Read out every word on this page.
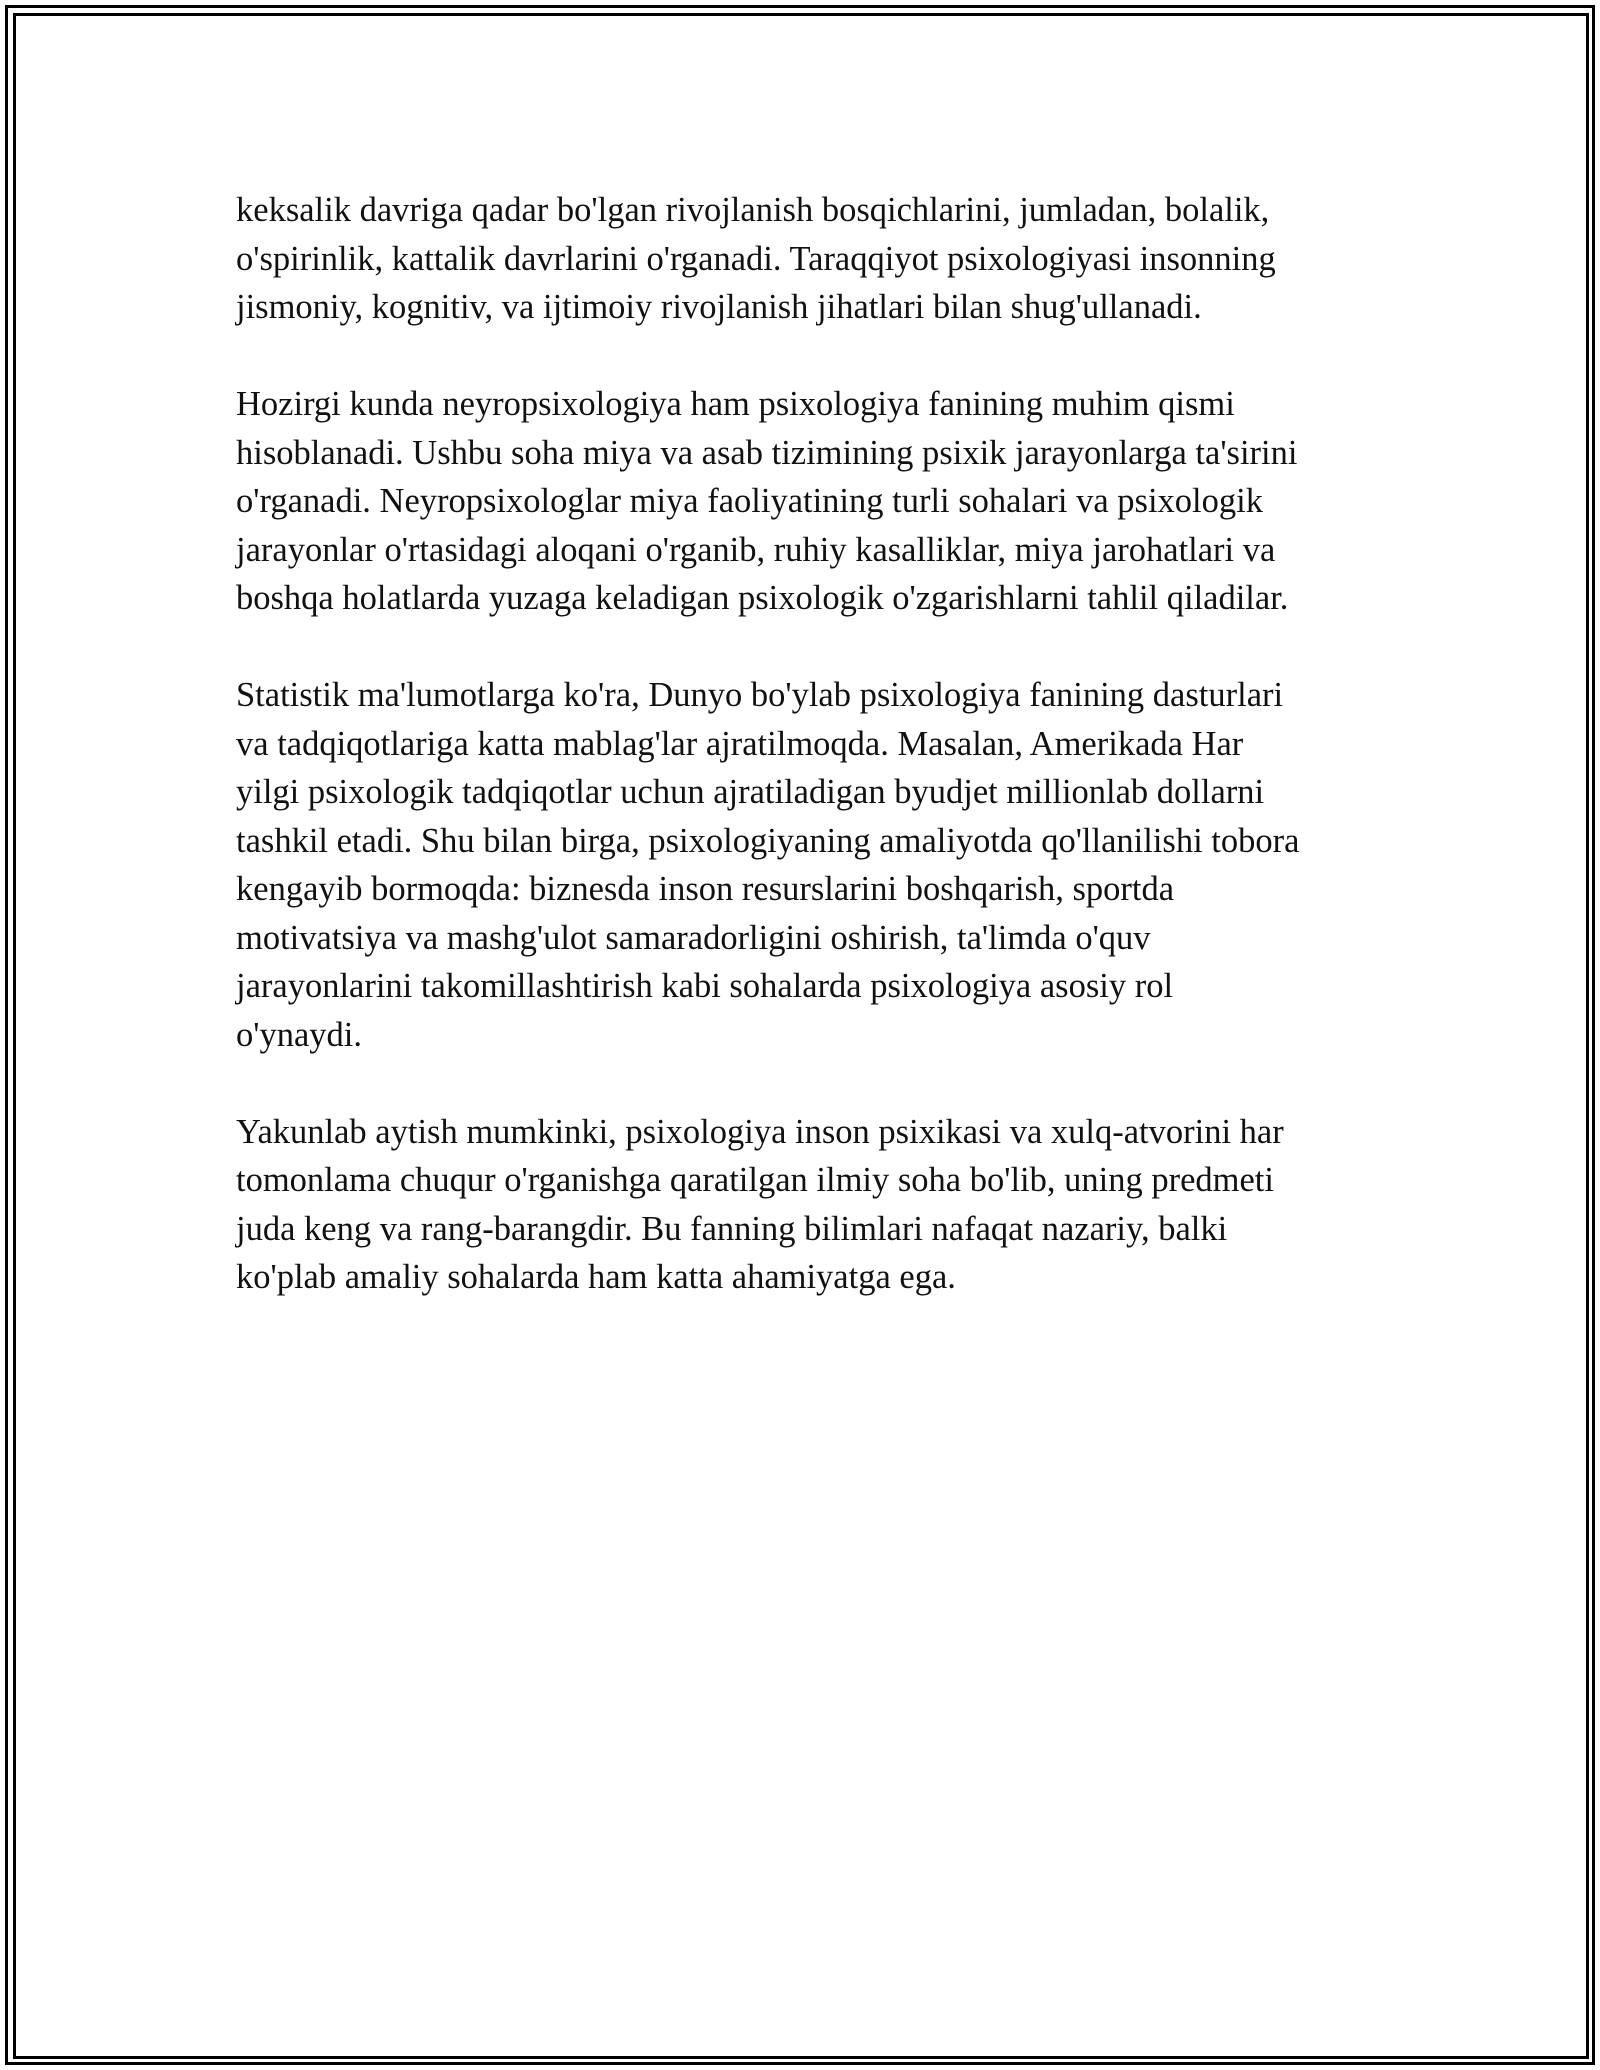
keksalik davriga qadar bo'lgan rivojlanish bosqichlarini, jumladan, bolalik,
o'spirinlik, kattalik davrlarini o'rganadi. Taraqqiyot psixologiyasi insonning
jismoniy, kognitiv, va ijtimoiy rivojlanish jihatlari bilan shug'ullanadi.

Hozirgi kunda neyropsixologiya ham psixologiya fanining muhim qismi
hisoblanadi. Ushbu soha miya va asab tizimining psixik jarayonlarga ta'sirini
o'rganadi. Neyropsixologlar miya faoliyatining turli sohalari va psixologik
jarayonlar o'rtasidagi aloqani o'rganib, ruhiy kasalliklar, miya jarohatlari va
boshqa holatlarda yuzaga keladigan psixologik o'zgarishlarni tahlil qiladilar.

Statistik ma'lumotlarga ko'ra, Dunyo bo'ylab psixologiya fanining dasturlari
va tadqiqotlariga katta mablag'lar ajratilmoqda. Masalan, Amerikada Har
yilgi psixologik tadqiqotlar uchun ajratiladigan byudjet millionlab dollarni
tashkil etadi. Shu bilan birga, psixologiyaning amaliyotda qo'llanilishi tobora
kengayib bormoqda: biznesda inson resurslarini boshqarish, sportda
motivatsiya va mashg'ulot samaradorligini oshirish, ta'limda o'quv
jarayonlarini takomillashtirish kabi sohalarda psixologiya asosiy rol
o'ynaydi.

Yakunlab aytish mumkinki, psixologiya inson psixikasi va xulq-atvorini har
tomonlama chuqur o'rganishga qaratilgan ilmiy soha bo'lib, uning predmeti
juda keng va rang-barangdir. Bu fanning bilimlari nafaqat nazariy, balki
ko'plab amaliy sohalarda ham katta ahamiyatga ega.
